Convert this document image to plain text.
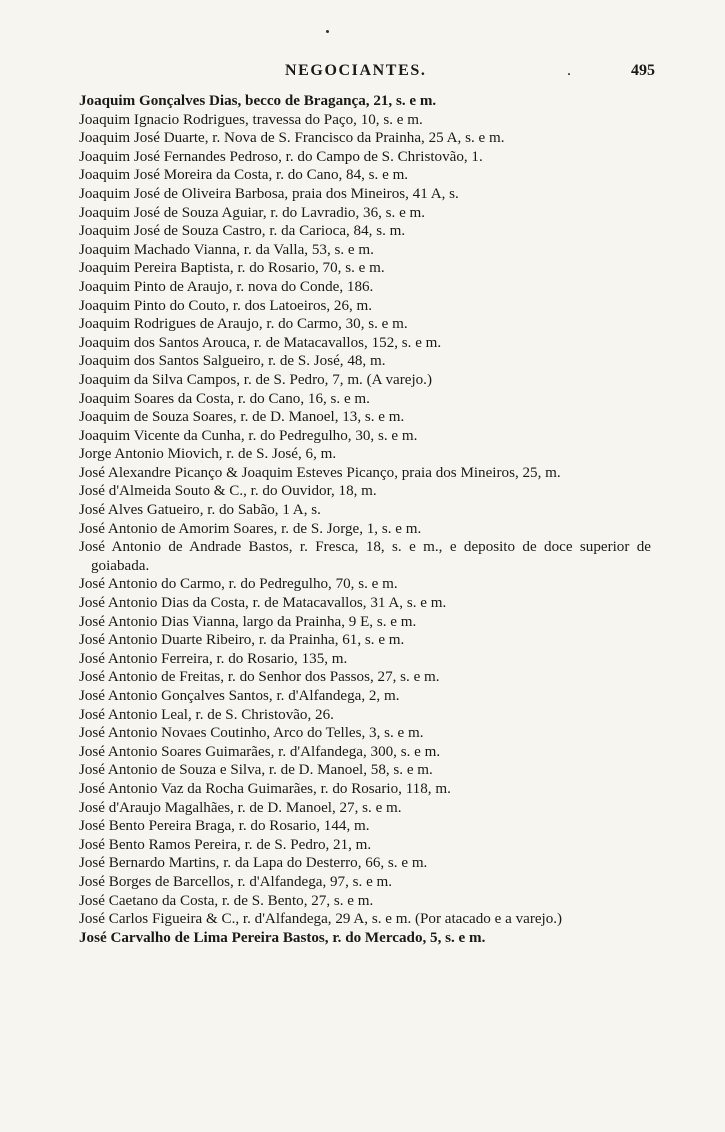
NEGOCIANTES.	.	495
Joaquim Gonçalves Dias, becco de Bragança, 21, s. e m.
Joaquim Ignacio Rodrigues, travessa do Paço, 10, s. e m.
Joaquim José Duarte, r. Nova de S. Francisco da Prainha, 25 A, s. e m.
Joaquim José Fernandes Pedroso, r. do Campo de S. Christovão, 1.
Joaquim José Moreira da Costa, r. do Cano, 84, s. e m.
Joaquim José de Oliveira Barbosa, praia dos Mineiros, 41 A, s.
Joaquim José de Souza Aguiar, r. do Lavradio, 36, s. e m.
Joaquim José de Souza Castro, r. da Carioca, 84, s. m.
Joaquim Machado Vianna, r. da Valla, 53, s. e m.
Joaquim Pereira Baptista, r. do Rosario, 70, s. e m.
Joaquim Pinto de Araujo, r. nova do Conde, 186.
Joaquim Pinto do Couto, r. dos Latoeiros, 26, m.
Joaquim Rodrigues de Araujo, r. do Carmo, 30, s. e m.
Joaquim dos Santos Arouca, r. de Matacavallos, 152, s. e m.
Joaquim dos Santos Salgueiro, r. de S. José, 48, m.
Joaquim da Silva Campos, r. de S. Pedro, 7, m. (A varejo.)
Joaquim Soares da Costa, r. do Cano, 16, s. e m.
Joaquim de Souza Soares, r. de D. Manoel, 13, s. e m.
Joaquim Vicente da Cunha, r. do Pedregulho, 30, s. e m.
Jorge Antonio Miovich, r. de S. José, 6, m.
José Alexandre Picanço & Joaquim Esteves Picanço, praia dos Mineiros, 25, m.
José d'Almeida Souto & C., r. do Ouvidor, 18, m.
José Alves Gatueiro, r. do Sabão, 1 A, s.
José Antonio de Amorim Soares, r. de S. Jorge, 1, s. e m.
José Antonio de Andrade Bastos, r. Fresca, 18, s. e m., e deposito de doce superior de goiabada.
José Antonio do Carmo, r. do Pedregulho, 70, s. e m.
José Antonio Dias da Costa, r. de Matacavallos, 31 A, s. e m.
José Antonio Dias Vianna, largo da Prainha, 9 E, s. e m.
José Antonio Duarte Ribeiro, r. da Prainha, 61, s. e m.
José Antonio Ferreira, r. do Rosario, 135, m.
José Antonio de Freitas, r. do Senhor dos Passos, 27, s. e m.
José Antonio Gonçalves Santos, r. d'Alfandega, 2, m.
José Antonio Leal, r. de S. Christovão, 26.
José Antonio Novaes Coutinho, Arco do Telles, 3, s. e m.
José Antonio Soares Guimarães, r. d'Alfandega, 300, s. e m.
José Antonio de Souza e Silva, r. de D. Manoel, 58, s. e m.
José Antonio Vaz da Rocha Guimarães, r. do Rosario, 118, m.
José d'Araujo Magalhães, r. de D. Manoel, 27, s. e m.
José Bento Pereira Braga, r. do Rosario, 144, m.
José Bento Ramos Pereira, r. de S. Pedro, 21, m.
José Bernardo Martins, r. da Lapa do Desterro, 66, s. e m.
José Borges de Barcellos, r. d'Alfandega, 97, s. e m.
José Caetano da Costa, r. de S. Bento, 27, s. e m.
José Carlos Figueira & C., r. d'Alfandega, 29 A, s. e m. (Por atacado e a varejo.)
José Carvalho de Lima Pereira Bastos, r. do Mercado, 5, s. e m.
